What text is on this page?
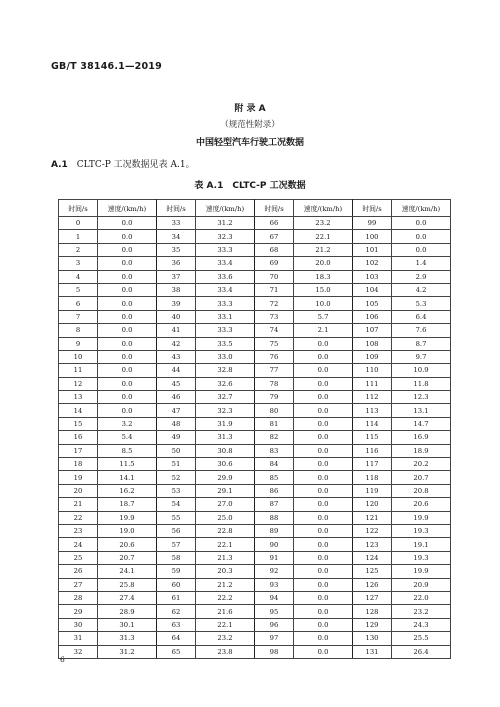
GB/T 38146.1—2019
附 录 A
（规范性附录）
中国轻型汽车行驶工况数据
A.1 CLTC-P 工况数据见表 A.1。
表 A.1　CLTC-P 工况数据
时间/s	速度/(km/h)	时间/s	速度/(km/h)	时间/s	速度/(km/h)	时间/s	速度/(km/h)
0	0.0	33	31.2	66	23.2	99	0.0
1	0.0	34	32.3	67	22.1	100	0.0
2	0.0	35	33.3	68	21.2	101	0.0
3	0.0	36	33.4	69	20.0	102	1.4
4	0.0	37	33.6	70	18.3	103	2.9
5	0.0	38	33.4	71	15.0	104	4.2
6	0.0	39	33.3	72	10.0	105	5.3
7	0.0	40	33.1	73	5.7	106	6.4
8	0.0	41	33.3	74	2.1	107	7.6
9	0.0	42	33.5	75	0.0	108	8.7
10	0.0	43	33.0	76	0.0	109	9.7
11	0.0	44	32.8	77	0.0	110	10.9
12	0.0	45	32.6	78	0.0	111	11.8
13	0.0	46	32.7	79	0.0	112	12.3
14	0.0	47	32.3	80	0.0	113	13.1
15	3.2	48	31.9	81	0.0	114	14.7
16	5.4	49	31.3	82	0.0	115	16.9
17	8.5	50	30.8	83	0.0	116	18.9
18	11.5	51	30.6	84	0.0	117	20.2
19	14.1	52	29.9	85	0.0	118	20.7
20	16.2	53	29.1	86	0.0	119	20.8
21	18.7	54	27.0	87	0.0	120	20.6
22	19.9	55	25.0	88	0.0	121	19.9
23	19.0	56	22.8	89	0.0	122	19.3
24	20.6	57	22.1	90	0.0	123	19.1
25	20.7	58	21.3	91	0.0	124	19.3
26	24.1	59	20.3	92	0.0	125	19.9
27	25.8	60	21.2	93	0.0	126	20.9
28	27.4	61	22.2	94	0.0	127	22.0
29	28.9	62	21.6	95	0.0	128	23.2
30	30.1	63	22.1	96	0.0	129	24.3
31	31.3	64	23.2	97	0.0	130	25.5
32	31.2	65	23.8	98	0.0	131	26.4
6
